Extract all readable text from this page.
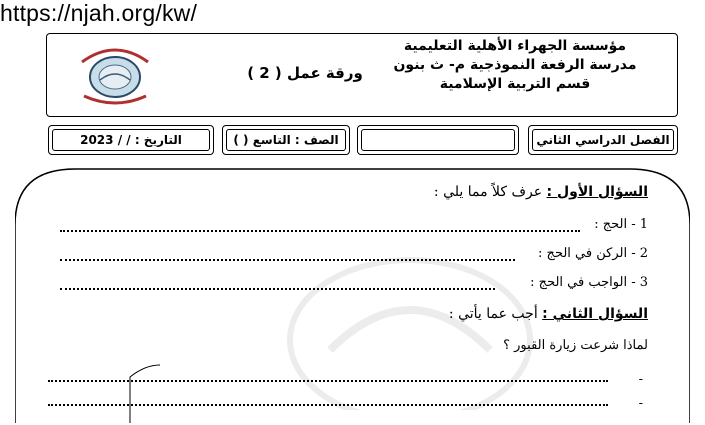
https://njah.org/kw/
ورقة عمل ( 2 )
مؤسسة الجهراء الأهلية التعليمية
مدرسة الرفعة النموذجية م- ث بنون
قسم التربية الإسلامية
الفصل الدراسي الثاني
الصف : التاسع ( )
التاريخ : / / 2023
السؤال الأول : عرف كلاً مما يلي :
1 - الحج :
2 - الركن في الحج :
3 - الواجب في الحج :
السؤال الثاني : أجب عما يأتي :
لماذا شرعت زيارة القبور ؟
-
-
